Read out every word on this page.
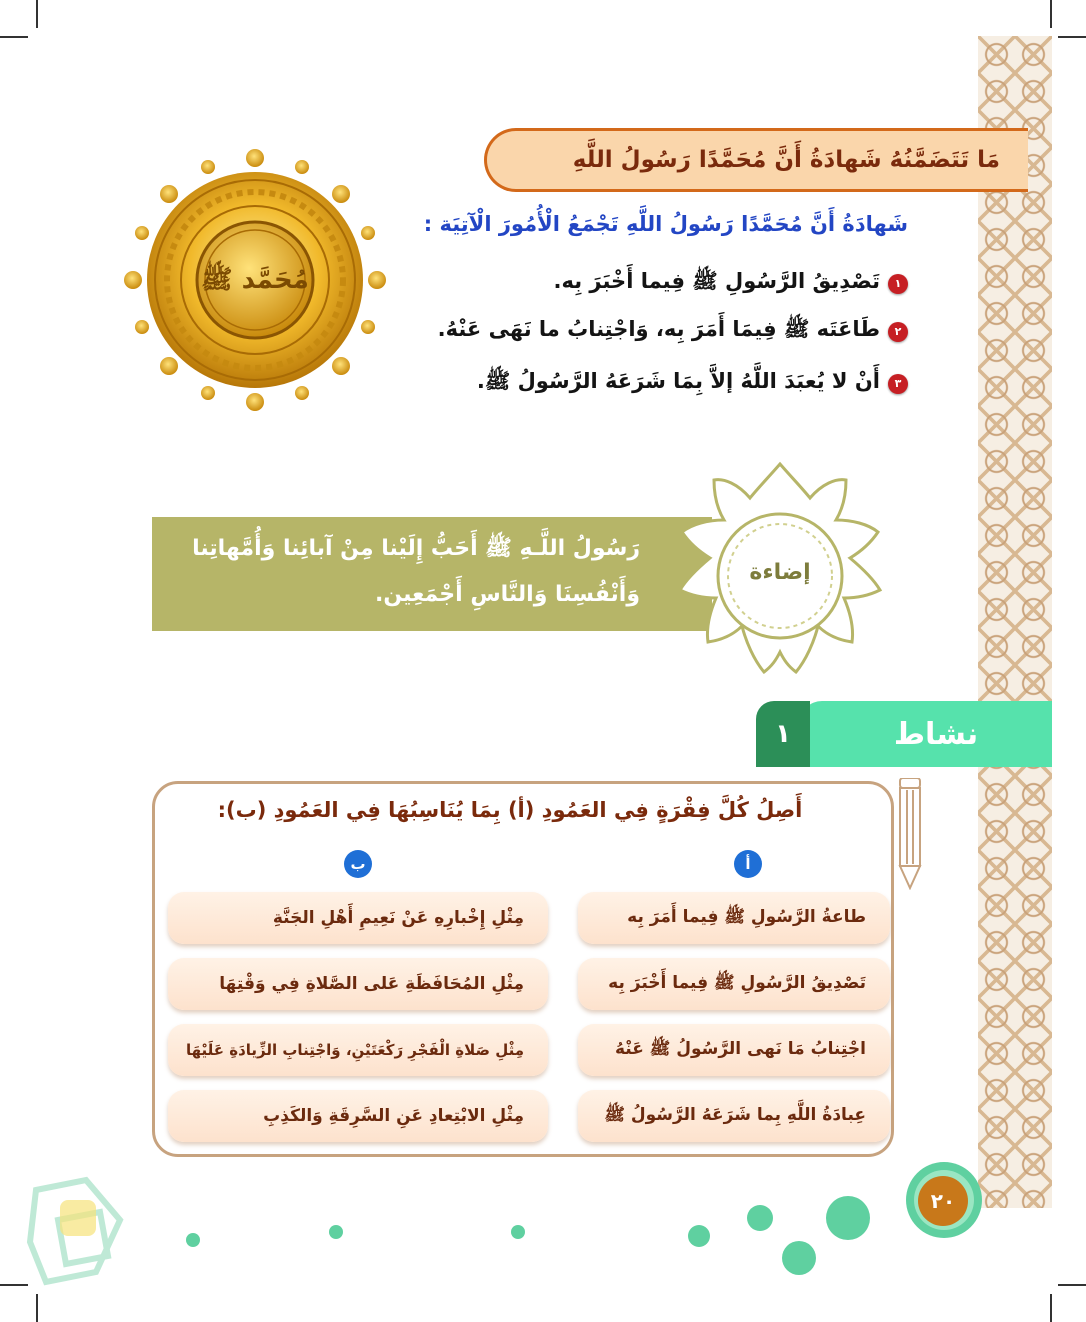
مَا تَتَضَمَّنُهُ شَهادَةُ أَنَّ مُحَمَّدًا رَسُولُ اللَّهِ
مُحَمَّد ﷺ
شَهادَةُ أَنَّ مُحَمَّدًا رَسُولُ اللَّهِ تَجْمَعُ الْأُمُورَ الْآتِيَة :
١
تَصْدِيقُ الرَّسُولِ ﷺ فِيما أَخْبَرَ بِه.
٢
طَاعَتَه ﷺ فِيمَا أَمَرَ بِه، وَاجْتِنابُ ما نَهَى عَنْهُ.
٣
أَنْ لا يُعبَدَ اللَّهُ إلاَّ بِمَا شَرَعَهُ الرَّسُولُ ﷺ.
رَسُولُ اللَّـهِ ﷺ أَحَبُّ إِلَيْنا مِنْ آبائِنا وَأُمَّهاتِنا
وَأَنْفُسِنَا وَالنَّاسِ أَجْمَعِين.
إضاءة
نشاط
١
أَصِلُ كُلَّ فِقْرَةٍ فِي العَمُودِ (أ) بِمَا يُنَاسِبُهَا فِي العَمُودِ (ب):
أ
ب
طاعةُ الرَّسُولِ ﷺ فِيما أَمَرَ بِه
تَصْدِيقُ الرَّسُولِ ﷺ فِيما أَخْبَرَ بِه
اجْتِنابُ مَا نَهى الرَّسُولُ ﷺ عَنْهُ
عِبادَةُ اللَّهِ بِما شَرَعَهُ الرَّسُولُ ﷺ
مِثْلِ إِخْبارِهِ عَنْ نَعِيمِ أَهْلِ الجَنَّةِ
مِثْلِ المُحَافَظَةِ عَلى الصَّلاةِ فِي وَقْتِهَا
مِثْلِ صَلاةِ الْفَجْرِ رَكْعَتَيْنِ، وَاجْتِنابِ الزِّيادَةِ عَلَيْهَا
مِثْلِ الابْتِعادِ عَنِ السَّرِقَةِ وَالكَذِبِ
٢٠
